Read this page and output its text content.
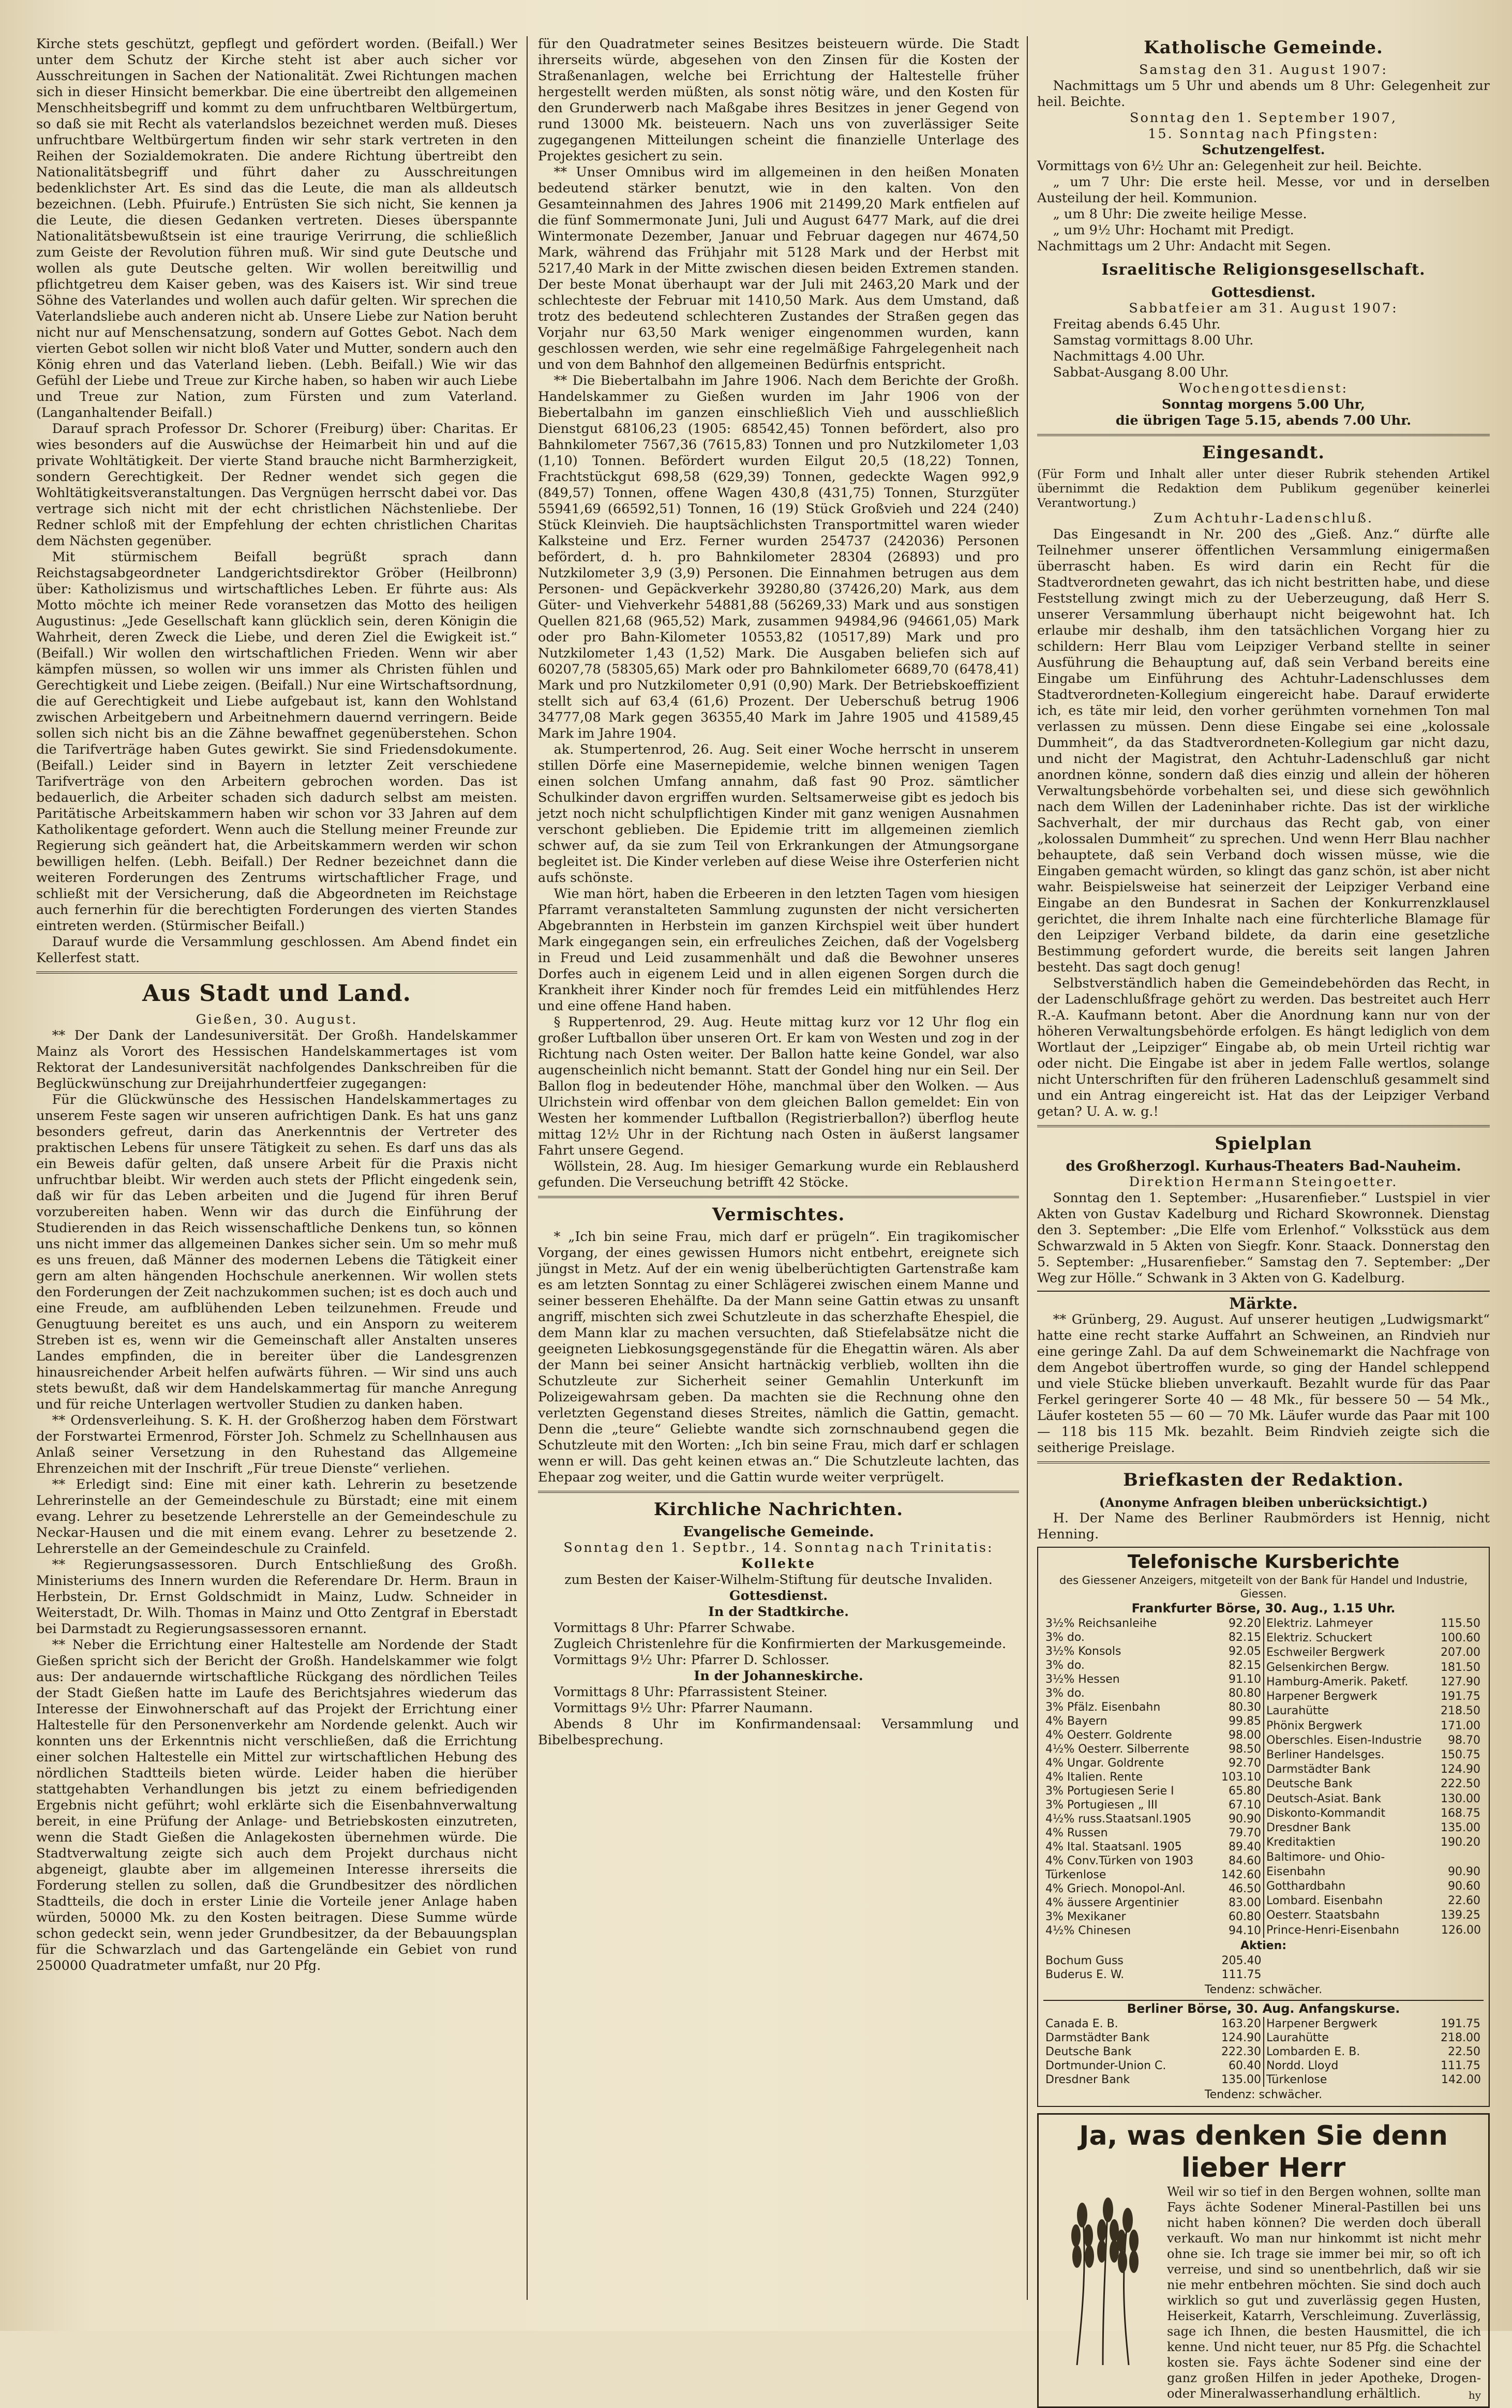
Kirche stets geschützt, gepflegt und gefördert worden. (Beifall.) Wer unter dem Schutz der Kirche steht ist aber auch sicher vor Ausschreitungen in Sachen der Nationalität. Zwei Richtungen machen sich in dieser Hinsicht bemerkbar. Die eine übertreibt den allgemeinen Menschheitsbegriff und kommt zu dem unfruchtbaren Weltbürgertum, so daß sie mit Recht als vaterlandslos bezeichnet werden muß. Dieses unfruchtbare Weltbürgertum finden wir sehr stark vertreten in den Reihen der Sozialdemokraten. Die andere Richtung übertreibt den Nationalitätsbegriff und führt daher zu Ausschreitungen bedenklichster Art. Es sind das die Leute, die man als alldeutsch bezeichnen. (Lebh. Pfuirufe.) Entrüsten Sie sich nicht, Sie kennen ja die Leute, die diesen Gedanken vertreten. Dieses überspannte Nationalitätsbewußtsein ist eine traurige Verirrung, die schließlich zum Geiste der Revolution führen muß. Wir sind gute Deutsche und wollen als gute Deutsche gelten. Wir wollen bereitwillig und pflichtgetreu dem Kaiser geben, was des Kaisers ist. Wir sind treue Söhne des Vaterlandes und wollen auch dafür gelten. Wir sprechen die Vaterlandsliebe auch anderen nicht ab. Unsere Liebe zur Nation beruht nicht nur auf Menschensatzung, sondern auf Gottes Gebot. Nach dem vierten Gebot sollen wir nicht bloß Vater und Mutter, sondern auch den König ehren und das Vaterland lieben. (Lebh. Beifall.) Wie wir das Gefühl der Liebe und Treue zur Kirche haben, so haben wir auch Liebe und Treue zur Nation, zum Fürsten und zum Vaterland. (Langanhaltender Beifall.)

Darauf sprach Professor Dr. Schorer (Freiburg) über: Charitas. Er wies besonders auf die Auswüchse der Heimarbeit hin und auf die private Wohltätigkeit. Der vierte Stand brauche nicht Barmherzigkeit, sondern Gerechtigkeit. Der Redner wendet sich gegen die Wohltätigkeitsveranstaltungen. Das Vergnügen herrscht dabei vor. Das vertrage sich nicht mit der echt christlichen Nächstenliebe. Der Redner schloß mit der Empfehlung der echten christlichen Charitas dem Nächsten gegenüber.

Mit stürmischem Beifall begrüßt sprach dann Reichstagsabgeordneter Landgerichtsdirektor Gröber (Heilbronn) über: Katholizismus und wirtschaftliches Leben. Er führte aus: Als Motto möchte ich meiner Rede voransetzen das Motto des heiligen Augustinus: „Jede Gesellschaft kann glücklich sein, deren Königin die Wahrheit, deren Zweck die Liebe, und deren Ziel die Ewigkeit ist.“ (Beifall.) Wir wollen den wirtschaftlichen Frieden. Wenn wir aber kämpfen müssen, so wollen wir uns immer als Christen fühlen und Gerechtigkeit und Liebe zeigen. (Beifall.) Nur eine Wirtschaftsordnung, die auf Gerechtigkeit und Liebe aufgebaut ist, kann den Wohlstand zwischen Arbeitgebern und Arbeitnehmern dauernd verringern. Beide sollen sich nicht bis an die Zähne bewaffnet gegenüberstehen. Schon die Tarifverträge haben Gutes gewirkt. Sie sind Friedensdokumente. (Beifall.) Leider sind in Bayern in letzter Zeit verschiedene Tarifverträge von den Arbeitern gebrochen worden. Das ist bedauerlich, die Arbeiter schaden sich dadurch selbst am meisten. Paritätische Arbeitskammern haben wir schon vor 33 Jahren auf dem Katholikentage gefordert. Wenn auch die Stellung meiner Freunde zur Regierung sich geändert hat, die Arbeitskammern werden wir schon bewilligen helfen. (Lebh. Beifall.) Der Redner bezeichnet dann die weiteren Forderungen des Zentrums wirtschaftlicher Frage, und schließt mit der Versicherung, daß die Abgeordneten im Reichstage auch fernerhin für die berechtigten Forderungen des vierten Standes eintreten werden. (Stürmischer Beifall.)

Darauf wurde die Versammlung geschlossen. Am Abend findet ein Kellerfest statt.

Aus Stadt und Land.
Gießen, 30. August.

** Der Dank der Landesuniversität. Der Großh. Handelskammer Mainz als Vorort des Hessischen Handelskammertages ist vom Rektorat der Landesuniversität nachfolgendes Dankschreiben für die Beglückwünschung zur Dreijahrhundertfeier zugegangen:

Für die Glückwünsche des Hessischen Handelskammertages zu unserem Feste sagen wir unseren aufrichtigen Dank. Es hat uns ganz besonders gefreut, darin das Anerkenntnis der Vertreter des praktischen Lebens für unsere Tätigkeit zu sehen. Es darf uns das als ein Beweis dafür gelten, daß unsere Arbeit für die Praxis nicht unfruchtbar bleibt. Wir werden auch stets der Pflicht eingedenk sein, daß wir für das Leben arbeiten und die Jugend für ihren Beruf vorzubereiten haben. Wenn wir das durch die Einführung der Studierenden in das Reich wissenschaftliche Denkens tun, so können uns nicht immer das allgemeinen Dankes sicher sein. Um so mehr muß es uns freuen, daß Männer des modernen Lebens die Tätigkeit einer gern am alten hängenden Hochschule anerkennen. Wir wollen stets den Forderungen der Zeit nachzukommen suchen; ist es doch auch und eine Freude, am aufblühenden Leben teilzunehmen. Freude und Genugtuung bereitet es uns auch, und ein Ansporn zu weiterem Streben ist es, wenn wir die Gemeinschaft aller Anstalten unseres Landes empfinden, die in bereiter über die Landesgrenzen hinausreichender Arbeit helfen aufwärts führen. — Wir sind uns auch stets bewußt, daß wir dem Handelskammertag für manche Anregung und für reiche Unterlagen wertvoller Studien zu danken haben.

** Ordensverleihung. S. K. H. der Großherzog haben dem Förstwart der Forstwartei Ermenrod, Förster Joh. Schmelz zu Schellnhausen aus Anlaß seiner Versetzung in den Ruhestand das Allgemeine Ehrenzeichen mit der Inschrift „Für treue Dienste“ verliehen.

** Erledigt sind: Eine mit einer kath. Lehrerin zu besetzende Lehrerinstelle an der Gemeindeschule zu Bürstadt; eine mit einem evang. Lehrer zu besetzende Lehrerstelle an der Gemeindeschule zu Neckar-Hausen und die mit einem evang. Lehrer zu besetzende 2. Lehrerstelle an der Gemeindeschule zu Crainfeld.

** Regierungsassessoren. Durch Entschließung des Großh. Ministeriums des Innern wurden die Referendare Dr. Herm. Braun in Herbstein, Dr. Ernst Goldschmidt in Mainz, Ludw. Schneider in Weiterstadt, Dr. Wilh. Thomas in Mainz und Otto Zentgraf in Eberstadt bei Darmstadt zu Regierungsassessoren ernannt.

** Neber die Errichtung einer Haltestelle am Nordende der Stadt Gießen spricht sich der Bericht der Großh. Handelskammer wie folgt aus: Der andauernde wirtschaftliche Rückgang des nördlichen Teiles der Stadt Gießen hatte im Laufe des Berichtsjahres wiederum das Interesse der Einwohnerschaft auf das Projekt der Errichtung einer Haltestelle für den Personenverkehr am Nordende gelenkt. Auch wir konnten uns der Erkenntnis nicht verschließen, daß die Errichtung einer solchen Haltestelle ein Mittel zur wirtschaftlichen Hebung des nördlichen Stadtteils bieten würde. Leider haben die hierüber stattgehabten Verhandlungen bis jetzt zu einem befriedigenden Ergebnis nicht geführt; wohl erklärte sich die Eisenbahnverwaltung bereit, in eine Prüfung der Anlage- und Betriebskosten einzutreten, wenn die Stadt Gießen die Anlagekosten übernehmen würde. Die Stadtverwaltung zeigte sich auch dem Projekt durchaus nicht abgeneigt, glaubte aber im allgemeinen Interesse ihrerseits die Forderung stellen zu sollen, daß die Grundbesitzer des nördlichen Stadtteils, die doch in erster Linie die Vorteile jener Anlage haben würden, 50000 Mk. zu den Kosten beitragen. Diese Summe würde schon gedeckt sein, wenn jeder Grundbesitzer, da der Bebauungsplan für die Schwarzlach und das Gartengelände ein Gebiet von rund 250000 Quadratmeter umfaßt, nur 20 Pfg.

für den Quadratmeter seines Besitzes beisteuern würde. Die Stadt ihrerseits würde, abgesehen von den Zinsen für die Kosten der Straßenanlagen, welche bei Errichtung der Haltestelle früher hergestellt werden müßten, als sonst nötig wäre, und den Kosten für den Grunderwerb nach Maßgabe ihres Besitzes in jener Gegend von rund 13000 Mk. beisteuern. Nach uns von zuverlässiger Seite zugegangenen Mitteilungen scheint die finanzielle Unterlage des Projektes gesichert zu sein.

** Unser Omnibus wird im allgemeinen in den heißen Monaten bedeutend stärker benutzt, wie in den kalten. Von den Gesamteinnahmen des Jahres 1906 mit 21499,20 Mark entfielen auf die fünf Sommermonate Juni, Juli und August 6477 Mark, auf die drei Wintermonate Dezember, Januar und Februar dagegen nur 4674,50 Mark, während das Frühjahr mit 5128 Mark und der Herbst mit 5217,40 Mark in der Mitte zwischen diesen beiden Extremen standen. Der beste Monat überhaupt war der Juli mit 2463,20 Mark und der schlechteste der Februar mit 1410,50 Mark. Aus dem Umstand, daß trotz des bedeutend schlechteren Zustandes der Straßen gegen das Vorjahr nur 63,50 Mark weniger eingenommen wurden, kann geschlossen werden, wie sehr eine regelmäßige Fahrgelegenheit nach und von dem Bahnhof den allgemeinen Bedürfnis entspricht.

** Die Biebertalbahn im Jahre 1906. Nach dem Berichte der Großh. Handelskammer zu Gießen wurden im Jahr 1906 von der Biebertalbahn im ganzen einschließlich Vieh und ausschließlich Dienstgut 68106,23 (1905: 68542,45) Tonnen befördert, also pro Bahnkilometer 7567,36 (7615,83) Tonnen und pro Nutzkilometer 1,03 (1,10) Tonnen. Befördert wurden Eilgut 20,5 (18,22) Tonnen, Frachtstückgut 698,58 (629,39) Tonnen, gedeckte Wagen 992,9 (849,57) Tonnen, offene Wagen 430,8 (431,75) Tonnen, Sturzgüter 55941,69 (66592,51) Tonnen, 16 (19) Stück Großvieh und 224 (240) Stück Kleinvieh. Die hauptsächlichsten Transportmittel waren wieder Kalksteine und Erz. Ferner wurden 254737 (242036) Personen befördert, d. h. pro Bahnkilometer 28304 (26893) und pro Nutzkilometer 3,9 (3,9) Personen. Die Einnahmen betrugen aus dem Personen- und Gepäckverkehr 39280,80 (37426,20) Mark, aus dem Güter- und Viehverkehr 54881,88 (56269,33) Mark und aus sonstigen Quellen 821,68 (965,52) Mark, zusammen 94984,96 (94661,05) Mark oder pro Bahn-Kilometer 10553,82 (10517,89) Mark und pro Nutzkilometer 1,43 (1,52) Mark. Die Ausgaben beliefen sich auf 60207,78 (58305,65) Mark oder pro Bahnkilometer 6689,70 (6478,41) Mark und pro Nutzkilometer 0,91 (0,90) Mark. Der Betriebskoeffizient stellt sich auf 63,4 (61,6) Prozent. Der Ueberschuß betrug 1906 34777,08 Mark gegen 36355,40 Mark im Jahre 1905 und 41589,45 Mark im Jahre 1904.

ak. Stumpertenrod, 26. Aug. Seit einer Woche herrscht in unserem stillen Dörfe eine Masernepidemie, welche binnen wenigen Tagen einen solchen Umfang annahm, daß fast 90 Proz. sämtlicher Schulkinder davon ergriffen wurden. Seltsamerweise gibt es jedoch bis jetzt noch nicht schulpflichtigen Kinder mit ganz wenigen Ausnahmen verschont geblieben. Die Epidemie tritt im allgemeinen ziemlich schwer auf, da sie zum Teil von Erkrankungen der Atmungsorgane begleitet ist. Die Kinder verleben auf diese Weise ihre Osterferien nicht aufs schönste.

Wie man hört, haben die Erbeeren in den letzten Tagen vom hiesigen Pfarramt veranstalteten Sammlung zugunsten der nicht versicherten Abgebrannten in Herbstein im ganzen Kirchspiel weit über hundert Mark eingegangen sein, ein erfreuliches Zeichen, daß der Vogelsberg in Freud und Leid zusammenhält und daß die Bewohner unseres Dorfes auch in eigenem Leid und in allen eigenen Sorgen durch die Krankheit ihrer Kinder noch für fremdes Leid ein mitfühlendes Herz und eine offene Hand haben.

§ Ruppertenrod, 29. Aug. Heute mittag kurz vor 12 Uhr flog ein großer Luftballon über unseren Ort. Er kam von Westen und zog in der Richtung nach Osten weiter. Der Ballon hatte keine Gondel, war also augenscheinlich nicht bemannt. Statt der Gondel hing nur ein Seil. Der Ballon flog in bedeutender Höhe, manchmal über den Wolken. — Aus Ulrichstein wird offenbar von dem gleichen Ballon gemeldet: Ein von Westen her kommender Luftballon (Registrierballon?) überflog heute mittag 12½ Uhr in der Richtung nach Osten in äußerst langsamer Fahrt unsere Gegend.

Wöllstein, 28. Aug. Im hiesiger Gemarkung wurde ein Reblausherd gefunden. Die Verseuchung betrifft 42 Stöcke.

Vermischtes.

* „Ich bin seine Frau, mich darf er prügeln“. Ein tragikomischer Vorgang, der eines gewissen Humors nicht entbehrt, ereignete sich jüngst in Metz. Auf der ein wenig übelberüchtigten Gartenstraße kam es am letzten Sonntag zu einer Schlägerei zwischen einem Manne und seiner besseren Ehehälfte. Da der Mann seine Gattin etwas zu unsanft angriff, mischten sich zwei Schutzleute in das scherzhafte Ehespiel, die dem Mann klar zu machen versuchten, daß Stiefelabsätze nicht die geeigneten Liebkosungsgegenstände für die Ehegattin wären. Als aber der Mann bei seiner Ansicht hartnäckig verblieb, wollten ihn die Schutzleute zur Sicherheit seiner Gemahlin Unterkunft im Polizeigewahrsam geben. Da machten sie die Rechnung ohne den verletzten Gegenstand dieses Streites, nämlich die Gattin, gemacht. Denn die „teure“ Geliebte wandte sich zornschnaubend gegen die Schutzleute mit den Worten: „Ich bin seine Frau, mich darf er schlagen wenn er will. Das geht keinen etwas an.“ Die Schutzleute lachten, das Ehepaar zog weiter, und die Gattin wurde weiter verprügelt.

Kirchliche Nachrichten.
Evangelische Gemeinde.
Sonntag den 1. Septbr., 14. Sonntag nach Trinitatis:
Kollekte
zum Besten der Kaiser-Wilhelm-Stiftung für deutsche Invaliden.
Gottesdienst.
In der Stadtkirche.

Vormittags 8 Uhr: Pfarrer Schwabe.

Zugleich Christenlehre für die Konfirmierten der Markusgemeinde.

Vormittags 9½ Uhr: Pfarrer D. Schlosser.

In der Johanneskirche.

Vormittags 8 Uhr: Pfarrassistent Steiner.

Vormittags 9½ Uhr: Pfarrer Naumann.

Abends 8 Uhr im Konfirmandensaal: Versammlung und Bibelbesprechung.

Katholische Gemeinde.
Samstag den 31. August 1907:

Nachmittags um 5 Uhr und abends um 8 Uhr: Gelegenheit zur heil. Beichte.

Sonntag den 1. September 1907,
15. Sonntag nach Pfingsten:
Schutzengelfest.

Vormittags von 6½ Uhr an: Gelegenheit zur heil. Beichte.

„ um 7 Uhr: Die erste heil. Messe, vor und in derselben Austeilung der heil. Kommunion.

„ um 8 Uhr: Die zweite heilige Messe.

„ um 9½ Uhr: Hochamt mit Predigt.

Nachmittags um 2 Uhr: Andacht mit Segen.

Israelitische Religionsgesellschaft.
Gottesdienst.
Sabbatfeier am 31. August 1907:

Freitag abends 6.45 Uhr.

Samstag vormittags 8.00 Uhr.

Nachmittags 4.00 Uhr.

Sabbat-Ausgang 8.00 Uhr.

Wochengottesdienst:
Sonntag morgens 5.00 Uhr,
die übrigen Tage 5.15, abends 7.00 Uhr.
Eingesandt.

(Für Form und Inhalt aller unter dieser Rubrik stehenden Artikel übernimmt die Redaktion dem Publikum gegenüber keinerlei Verantwortung.)

Zum Achtuhr-Ladenschluß.

Das Eingesandt in Nr. 200 des „Gieß. Anz.“ dürfte alle Teilnehmer unserer öffentlichen Versammlung einigermaßen überrascht haben. Es wird darin ein Recht für die Stadtverordneten gewahrt, das ich nicht bestritten habe, und diese Feststellung zwingt mich zu der Ueberzeugung, daß Herr S. unserer Versammlung überhaupt nicht beigewohnt hat. Ich erlaube mir deshalb, ihm den tatsächlichen Vorgang hier zu schildern: Herr Blau vom Leipziger Verband stellte in seiner Ausführung die Behauptung auf, daß sein Verband bereits eine Eingabe um Einführung des Achtuhr-Ladenschlusses dem Stadtverordneten-Kollegium eingereicht habe. Darauf erwiderte ich, es täte mir leid, den vorher gerühmten vornehmen Ton mal verlassen zu müssen. Denn diese Eingabe sei eine „kolossale Dummheit“, da das Stadtverordneten-Kollegium gar nicht dazu, und nicht der Magistrat, den Achtuhr-Ladenschluß gar nicht anordnen könne, sondern daß dies einzig und allein der höheren Verwaltungsbehörde vorbehalten sei, und diese sich gewöhnlich nach dem Willen der Ladeninhaber richte. Das ist der wirkliche Sachverhalt, der mir durchaus das Recht gab, von einer „kolossalen Dummheit“ zu sprechen. Und wenn Herr Blau nachher behauptete, daß sein Verband doch wissen müsse, wie die Eingaben gemacht würden, so klingt das ganz schön, ist aber nicht wahr. Beispielsweise hat seinerzeit der Leipziger Verband eine Eingabe an den Bundesrat in Sachen der Konkurrenzklausel gerichtet, die ihrem Inhalte nach eine fürchterliche Blamage für den Leipziger Verband bildete, da darin eine gesetzliche Bestimmung gefordert wurde, die bereits seit langen Jahren besteht. Das sagt doch genug!

Selbstverständlich haben die Gemeindebehörden das Recht, in der Ladenschlußfrage gehört zu werden. Das bestreitet auch Herr R.-A. Kaufmann betont. Aber die Anordnung kann nur von der höheren Verwaltungsbehörde erfolgen. Es hängt lediglich von dem Wortlaut der „Leipziger“ Eingabe ab, ob mein Urteil richtig war oder nicht. Die Eingabe ist aber in jedem Falle wertlos, solange nicht Unterschriften für den früheren Ladenschluß gesammelt sind und ein Antrag eingereicht ist. Hat das der Leipziger Verband getan? U. A. w. g.!

Spielplan
des Großherzogl. Kurhaus-Theaters Bad-Nauheim.
Direktion Hermann Steingoetter.

Sonntag den 1. September: „Husarenfieber.“ Lustspiel in vier Akten von Gustav Kadelburg und Richard Skowronnek. Dienstag den 3. September: „Die Elfe vom Erlenhof.“ Volksstück aus dem Schwarzwald in 5 Akten von Siegfr. Konr. Staack. Donnerstag den 5. September: „Husarenfieber.“ Samstag den 7. September: „Der Weg zur Hölle.“ Schwank in 3 Akten von G. Kadelburg.

Märkte.

** Grünberg, 29. August. Auf unserer heutigen „Ludwigsmarkt“ hatte eine recht starke Auffahrt an Schweinen, an Rindvieh nur eine geringe Zahl. Da auf dem Schweinemarkt die Nachfrage von dem Angebot übertroffen wurde, so ging der Handel schleppend und viele Stücke blieben unverkauft. Bezahlt wurde für das Paar Ferkel geringerer Sorte 40 — 48 Mk., für bessere 50 — 54 Mk., Läufer kosteten 55 — 60 — 70 Mk. Läufer wurde das Paar mit 100 — 118 bis 115 Mk. bezahlt. Beim Rindvieh zeigte sich die seitherige Preislage.

Briefkasten der Redaktion.
(Anonyme Anfragen bleiben unberücksichtigt.)

H. Der Name des Berliner Raubmörders ist Hennig, nicht Henning.

Telefonische Kursberichte
des Giessener Anzeigers, mitgeteilt von der Bank für Handel und Industrie, Giessen.
Frankfurter Börse, 30. Aug., 1.15 Uhr.
3½% Reichsanleihe	92.20
3% do.	82.15
3½% Konsols	92.05
3% do.	82.15
3½% Hessen	91.10
3% do.	80.80
3% Pfälz. Eisenbahn	80.30
4% Bayern	99.85
4% Oesterr. Goldrente	98.00
4½% Oesterr. Silberrente	98.50
4% Ungar. Goldrente	92.70
4% Italien. Rente	103.10
3% Portugiesen Serie I	65.80
3% Portugiesen „ III	67.10
4½% russ.Staatsanl.1905	90.90
4% Russen	79.70
4% Ital. Staatsanl. 1905	89.40
4% Conv.Türken von 1903	84.60
Türkenlose	142.60
4% Griech. Monopol-Anl.	46.50
4% äussere Argentinier	83.00
3% Mexikaner	60.80
4½% Chinesen	94.10
Elektriz. Lahmeyer	115.50
Elektriz. Schuckert	100.60
Eschweiler Bergwerk	207.00
Gelsenkirchen Bergw.	181.50
Hamburg-Amerik. Paketf.	127.90
Harpener Bergwerk	191.75
Laurahütte	218.50
Phönix Bergwerk	171.00
Oberschles. Eisen-Industrie	98.70
Berliner Handelsges.	150.75
Darmstädter Bank	124.90
Deutsche Bank	222.50
Deutsch-Asiat. Bank	130.00
Diskonto-Kommandit	168.75
Dresdner Bank	135.00
Kreditaktien	190.20
Baltimore- und Ohio-	
Eisenbahn	90.90
Gotthardbahn	90.60
Lombard. Eisenbahn	22.60
Oesterr. Staatsbahn	139.25
Prince-Henri-Eisenbahn	126.00
Aktien:
Bochum Guss	205.40
Buderus E. W.	111.75
Tendenz: schwächer.
Berliner Börse, 30. Aug. Anfangskurse.
Canada E. B.	163.20
Darmstädter Bank	124.90
Deutsche Bank	222.30
Dortmunder-Union C.	60.40
Dresdner Bank	135.00
Harpener Bergwerk	191.75
Laurahütte	218.00
Lombarden E. B.	22.50
Nordd. Lloyd	111.75
Türkenlose	142.00
Tendenz: schwächer.
Ja, was denken Sie denn lieber Herr
Weil wir so tief in den Bergen wohnen, sollte man Fays ächte Sodener Mineral-Pastillen bei uns nicht haben können? Die werden doch überall verkauft. Wo man nur hinkommt ist nicht mehr ohne sie. Ich trage sie immer bei mir, so oft ich verreise, und sind so unentbehrlich, daß wir sie nie mehr entbehren möchten. Sie sind doch auch wirklich so gut und zuverlässig gegen Husten, Heiserkeit, Katarrh, Verschleimung. Zuverlässig, sage ich Ihnen, die besten Hausmittel, die ich kenne. Und nicht teuer, nur 85 Pfg. die Schachtel kosten sie. Fays ächte Sodener sind eine der ganz großen Hilfen in jeder Apotheke, Drogen- oder Mineralwasserhandlung erhältlich.	hy
